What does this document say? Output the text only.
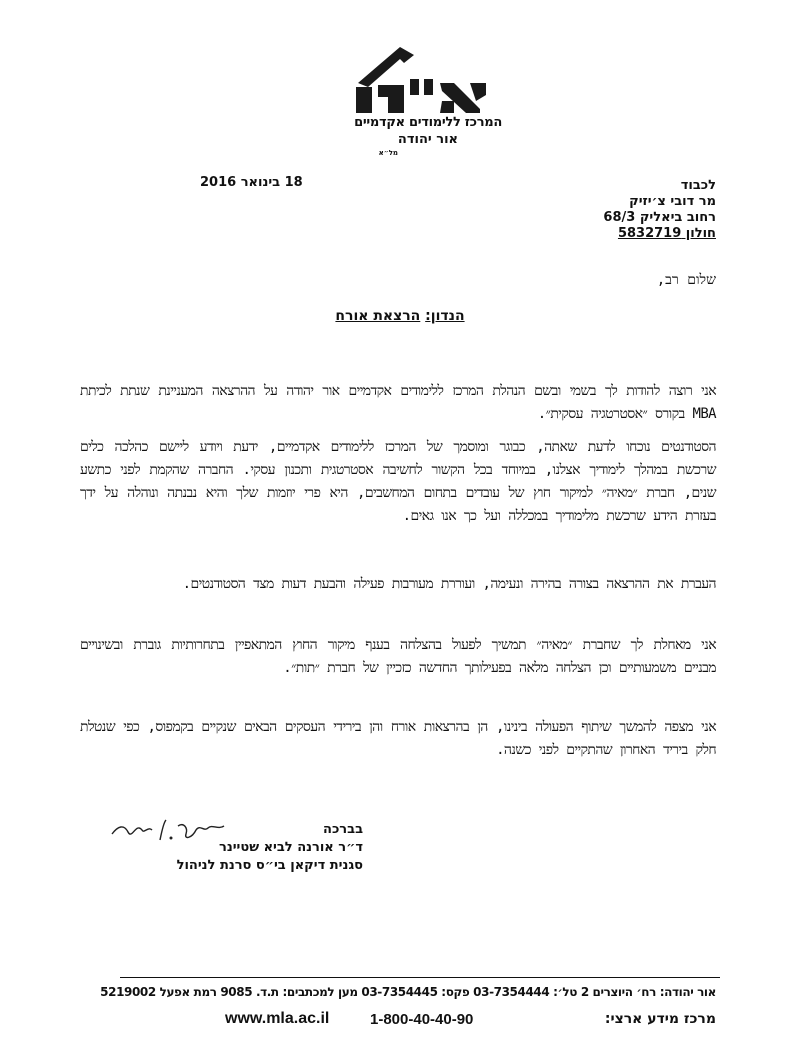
המרכז ללימודים אקדמיים
אור יהודה
מל״א
18 בינואר 2016	לכבוד
מר דובי צ׳יזיק
רחוב ביאליק 68/3
חולון 5832719
שלום רב,
הנדון: הרצאת אורח
אני רוצה להודות לך בשמי ובשם הנהלת המרכז ללימודים אקדמיים אור יהודה על ההרצאה המעניינת שנתת לכיתת MBA בקורס ״אסטרטגיה עסקית״.
הסטודנטים נוכחו לדעת שאתה, כבוגר ומוסמך של המרכז ללימודים אקדמיים, ידעת ויודע ליישם כהלכה כלים שרכשת במהלך לימודיך אצלנו, במיוחד בכל הקשור לחשיבה אסטרטגית ותכנון עסקי. החברה שהקמת לפני כתשע שנים, חברת ״מאיה״ למיקור חוץ של עובדים בתחום המחשבים, היא פרי יוזמות שלך והיא נבנתה ונוהלה על ידך בעזרת הידע שרכשת מלימודיך במכללה ועל כך אנו גאים.
העברת את ההרצאה בצורה בהירה ונעימה, ועוררת מעורבות פעילה והבעת דעות מצד הסטודנטים.
אני מאחלת לך שחברת ״מאיה״ תמשיך לפעול בהצלחה בענף מיקור החוץ המתאפיין בתחרותיות גוברת ובשינויים מבניים משמעותיים וכן הצלחה מלאה בפעילותך החדשה כזכיין של חברת ״תות״.
אני מצפה להמשך שיתוף הפעולה בינינו, הן בהרצאות אורח והן בירידי העסקים הבאים שנקיים בקמפוס, כפי שנטלת חלק ביריד האחרון שהתקיים לפני כשנה.
בברכה
ד״ר אורנה לביא שטיינר
סגנית דיקאן בי״ס סרנת לניהול
אור יהודה: רח׳ היוצרים 2 טל׳: 03-7354444 פקס: 03-7354445 מען למכתבים: ת.ד. 9085 רמת אפעל 5219002
מרכז מידע ארצי:
1-800-40-40-90
www.mla.ac.il
